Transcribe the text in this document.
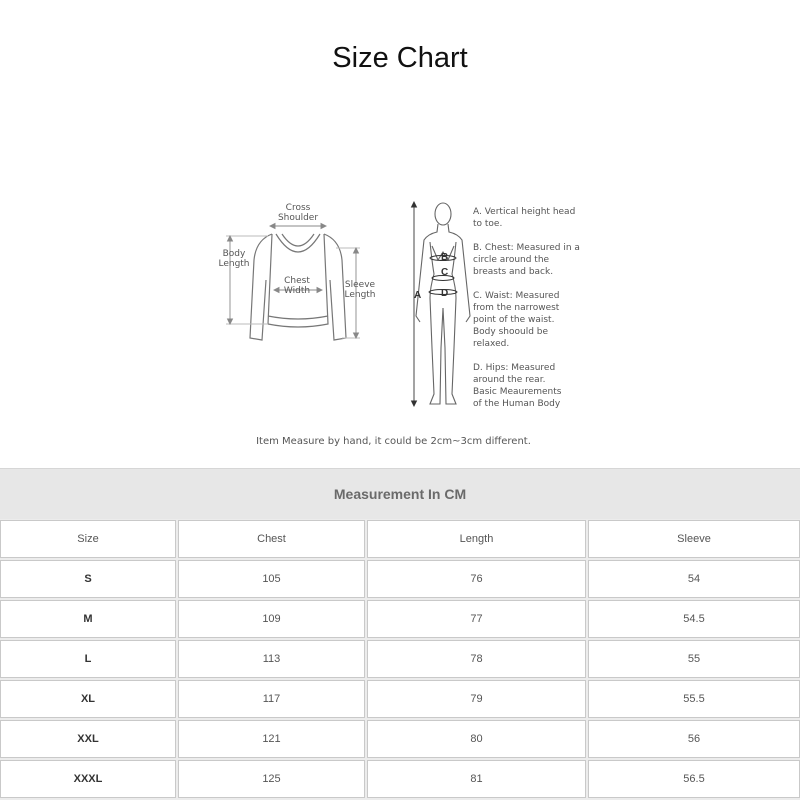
Size Chart
Cross
Shoulder
Body
Length
Chest
Width
Sleeve
Length
B
C
A D
A. Vertical height head
to toe.
B. Chest: Measured in a
circle around the
breasts and back.
C. Waist: Measured
from the narrowest
point of the waist.
Body shoould be
relaxed.
D. Hips: Measured
around the rear.
Basic Meaurements
of the Human Body
Item Measure by hand, it could be 2cm~3cm different.
Measurement In CM
Size	Chest	Length	Sleeve
S	105	76	54
M	109	77	54.5
L	113	78	55
XL	117	79	55.5
XXL	121	80	56
XXXL	125	81	56.5
